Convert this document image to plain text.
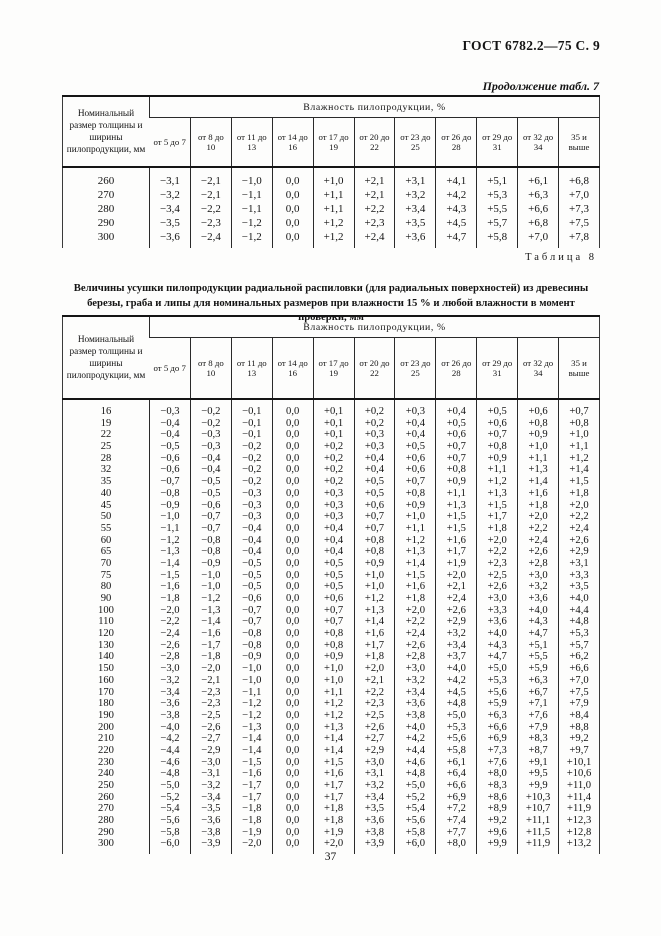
ГОСТ 6782.2—75 С. 9
Продолжение табл. 7
Номинальный размер толщины и ширины пилопродукции, мм	Влажность пилопродукции, %										
	от 5 до 7	от 8 до 10	от 11 до 13	от 14 до 16	от 17 до 19	от 20 до 22	от 23 до 25	от 26 до 28	от 29 до 31	от 32 до 34	35 и выше
260	−3,1	−2,1	−1,0	0,0	+1,0	+2,1	+3,1	+4,1	+5,1	+6,1	+6,8
270	−3,2	−2,1	−1,1	0,0	+1,1	+2,1	+3,2	+4,2	+5,3	+6,3	+7,0
280	−3,4	−2,2	−1,1	0,0	+1,1	+2,2	+3,4	+4,3	+5,5	+6,6	+7,3
290	−3,5	−2,3	−1,2	0,0	+1,2	+2,3	+3,5	+4,5	+5,7	+6,8	+7,5
300	−3,6	−2,4	−1,2	0,0	+1,2	+2,4	+3,6	+4,7	+5,8	+7,0	+7,8
Таблица 8
Величины усушки пилопродукции радиальной распиловки (для радиальных поверхностей) из древесины березы, граба и липы для номинальных размеров при влажности 15 % и любой влажности в момент проверки, мм
Номинальный размер толщины и ширины пилопродукции, мм	Влажность пилопродукции, %										
	от 5 до 7	от 8 до 10	от 11 до 13	от 14 до 16	от 17 до 19	от 20 до 22	от 23 до 25	от 26 до 28	от 29 до 31	от 32 до 34	35 и выше
16	−0,3	−0,2	−0,1	0,0	+0,1	+0,2	+0,3	+0,4	+0,5	+0,6	+0,7
19	−0,4	−0,2	−0,1	0,0	+0,1	+0,2	+0,4	+0,5	+0,6	+0,8	+0,8
22	−0,4	−0,3	−0,1	0,0	+0,1	+0,3	+0,4	+0,6	+0,7	+0,9	+1,0
25	−0,5	−0,3	−0,2	0,0	+0,2	+0,3	+0,5	+0,7	+0,8	+1,0	+1,1
28	−0,6	−0,4	−0,2	0,0	+0,2	+0,4	+0,6	+0,7	+0,9	+1,1	+1,2
32	−0,6	−0,4	−0,2	0,0	+0,2	+0,4	+0,6	+0,8	+1,1	+1,3	+1,4
35	−0,7	−0,5	−0,2	0,0	+0,2	+0,5	+0,7	+0,9	+1,2	+1,4	+1,5
40	−0,8	−0,5	−0,3	0,0	+0,3	+0,5	+0,8	+1,1	+1,3	+1,6	+1,8
45	−0,9	−0,6	−0,3	0,0	+0,3	+0,6	+0,9	+1,3	+1,5	+1,8	+2,0
50	−1,0	−0,7	−0,3	0,0	+0,3	+0,7	+1,0	+1,5	+1,7	+2,0	+2,2
55	−1,1	−0,7	−0,4	0,0	+0,4	+0,7	+1,1	+1,5	+1,8	+2,2	+2,4
60	−1,2	−0,8	−0,4	0,0	+0,4	+0,8	+1,2	+1,6	+2,0	+2,4	+2,6
65	−1,3	−0,8	−0,4	0,0	+0,4	+0,8	+1,3	+1,7	+2,2	+2,6	+2,9
70	−1,4	−0,9	−0,5	0,0	+0,5	+0,9	+1,4	+1,9	+2,3	+2,8	+3,1
75	−1,5	−1,0	−0,5	0,0	+0,5	+1,0	+1,5	+2,0	+2,5	+3,0	+3,3
80	−1,6	−1,0	−0,5	0,0	+0,5	+1,0	+1,6	+2,1	+2,6	+3,2	+3,5
90	−1,8	−1,2	−0,6	0,0	+0,6	+1,2	+1,8	+2,4	+3,0	+3,6	+4,0
100	−2,0	−1,3	−0,7	0,0	+0,7	+1,3	+2,0	+2,6	+3,3	+4,0	+4,4
110	−2,2	−1,4	−0,7	0,0	+0,7	+1,4	+2,2	+2,9	+3,6	+4,3	+4,8
120	−2,4	−1,6	−0,8	0,0	+0,8	+1,6	+2,4	+3,2	+4,0	+4,7	+5,3
130	−2,6	−1,7	−0,8	0,0	+0,8	+1,7	+2,6	+3,4	+4,3	+5,1	+5,7
140	−2,8	−1,8	−0,9	0,0	+0,9	+1,8	+2,8	+3,7	+4,7	+5,5	+6,2
150	−3,0	−2,0	−1,0	0,0	+1,0	+2,0	+3,0	+4,0	+5,0	+5,9	+6,6
160	−3,2	−2,1	−1,0	0,0	+1,0	+2,1	+3,2	+4,2	+5,3	+6,3	+7,0
170	−3,4	−2,3	−1,1	0,0	+1,1	+2,2	+3,4	+4,5	+5,6	+6,7	+7,5
180	−3,6	−2,3	−1,2	0,0	+1,2	+2,3	+3,6	+4,8	+5,9	+7,1	+7,9
190	−3,8	−2,5	−1,2	0,0	+1,2	+2,5	+3,8	+5,0	+6,3	+7,6	+8,4
200	−4,0	−2,6	−1,3	0,0	+1,3	+2,6	+4,0	+5,3	+6,6	+7,9	+8,8
210	−4,2	−2,7	−1,4	0,0	+1,4	+2,7	+4,2	+5,6	+6,9	+8,3	+9,2
220	−4,4	−2,9	−1,4	0,0	+1,4	+2,9	+4,4	+5,8	+7,3	+8,7	+9,7
230	−4,6	−3,0	−1,5	0,0	+1,5	+3,0	+4,6	+6,1	+7,6	+9,1	+10,1
240	−4,8	−3,1	−1,6	0,0	+1,6	+3,1	+4,8	+6,4	+8,0	+9,5	+10,6
250	−5,0	−3,2	−1,7	0,0	+1,7	+3,2	+5,0	+6,6	+8,3	+9,9	+11,0
260	−5,2	−3,4	−1,7	0,0	+1,7	+3,4	+5,2	+6,9	+8,6	+10,3	+11,4
270	−5,4	−3,5	−1,8	0,0	+1,8	+3,5	+5,4	+7,2	+8,9	+10,7	+11,9
280	−5,6	−3,6	−1,8	0,0	+1,8	+3,6	+5,6	+7,4	+9,2	+11,1	+12,3
290	−5,8	−3,8	−1,9	0,0	+1,9	+3,8	+5,8	+7,7	+9,6	+11,5	+12,8
300	−6,0	−3,9	−2,0	0,0	+2,0	+3,9	+6,0	+8,0	+9,9	+11,9	+13,2
37
